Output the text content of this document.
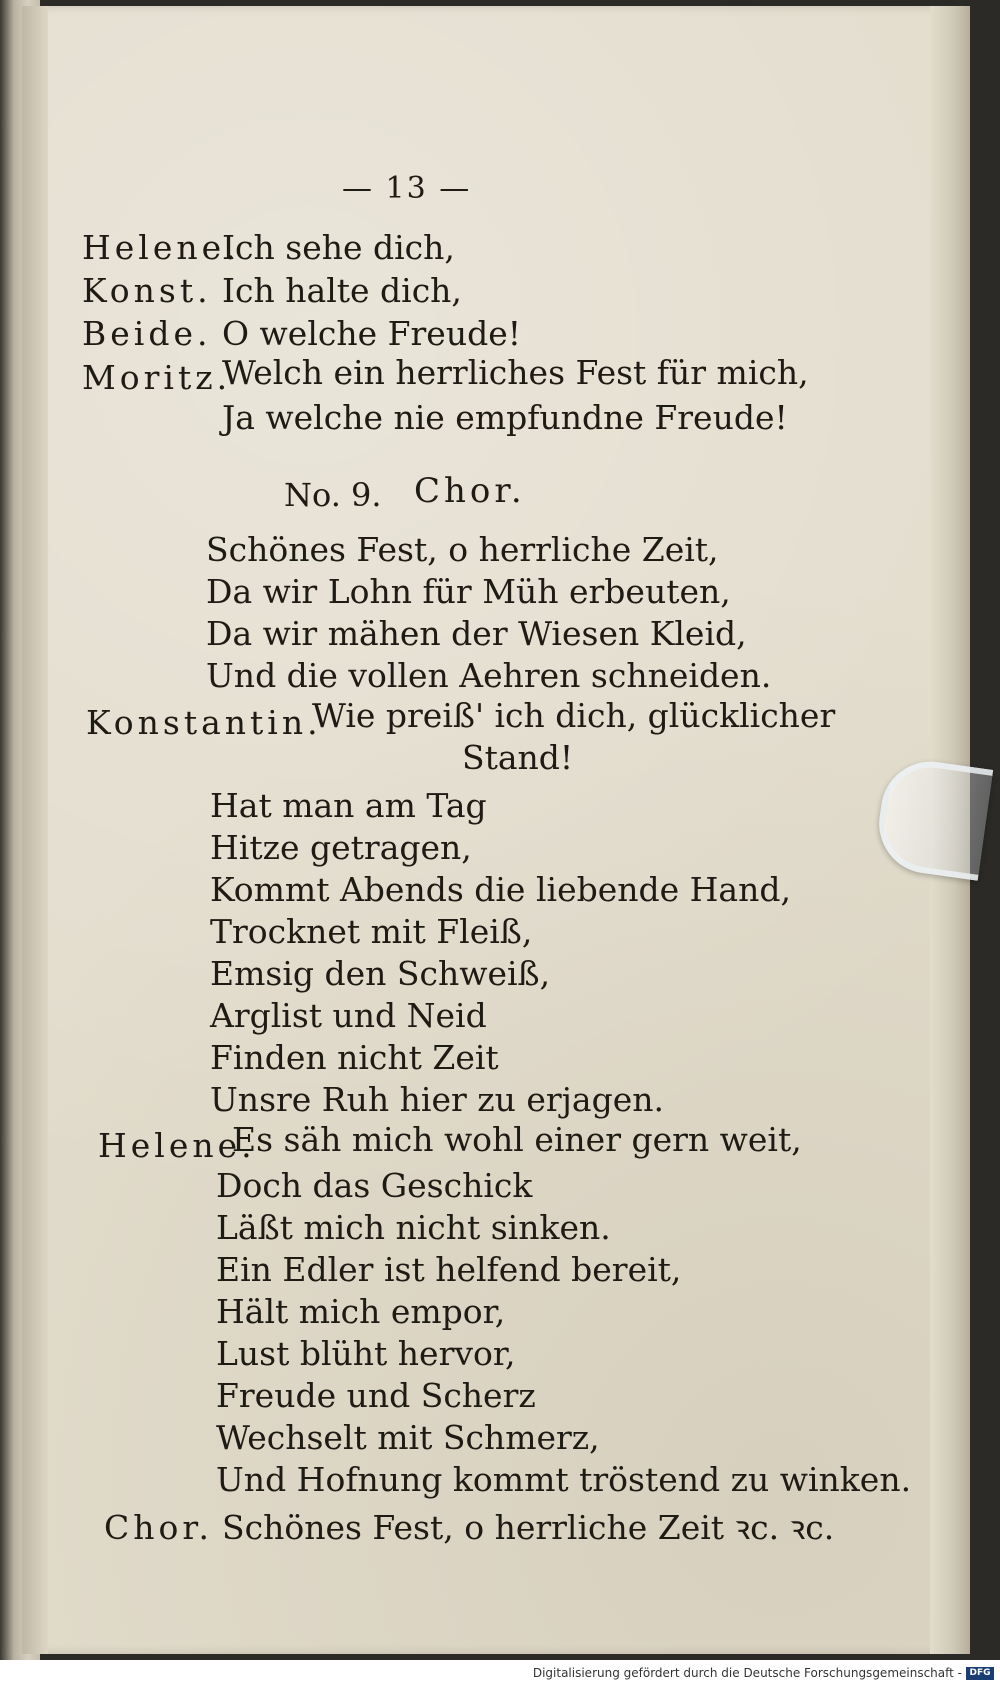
— 13 —
Helene.
Ich sehe dich,
Konst. Ich halte dich,
Beide. O welche Freude!
Moritz.
Welch ein herrliches Fest für mich,
Ja welche nie empfundne Freude!
No. 9. Chor.
Schönes Fest, o herrliche Zeit,
Da wir Lohn für Müh erbeuten,
Da wir mähen der Wiesen Kleid,
Und die vollen Aehren schneiden.
Konstantin.
Wie preiß' ich dich, glücklicher
Stand!
Hat man am Tag
Hitze getragen,
Kommt Abends die liebende Hand,
Trocknet mit Fleiß,
Emsig den Schweiß,
Arglist und Neid
Finden nicht Zeit
Unsre Ruh hier zu erjagen.
Helene.
Es säh mich wohl einer gern weit,
Doch das Geschick
Läßt mich nicht sinken.
Ein Edler ist helfend bereit,
Hält mich empor,
Lust blüht hervor,
Freude und Scherz
Wechselt mit Schmerz,
Und Hofnung kommt tröstend zu winken.
Chor. Schönes Fest, o herrliche Zeit ꝛc. ꝛc.
Digitalisierung gefördert durch die Deutsche Forschungsgemeinschaft - DFG
